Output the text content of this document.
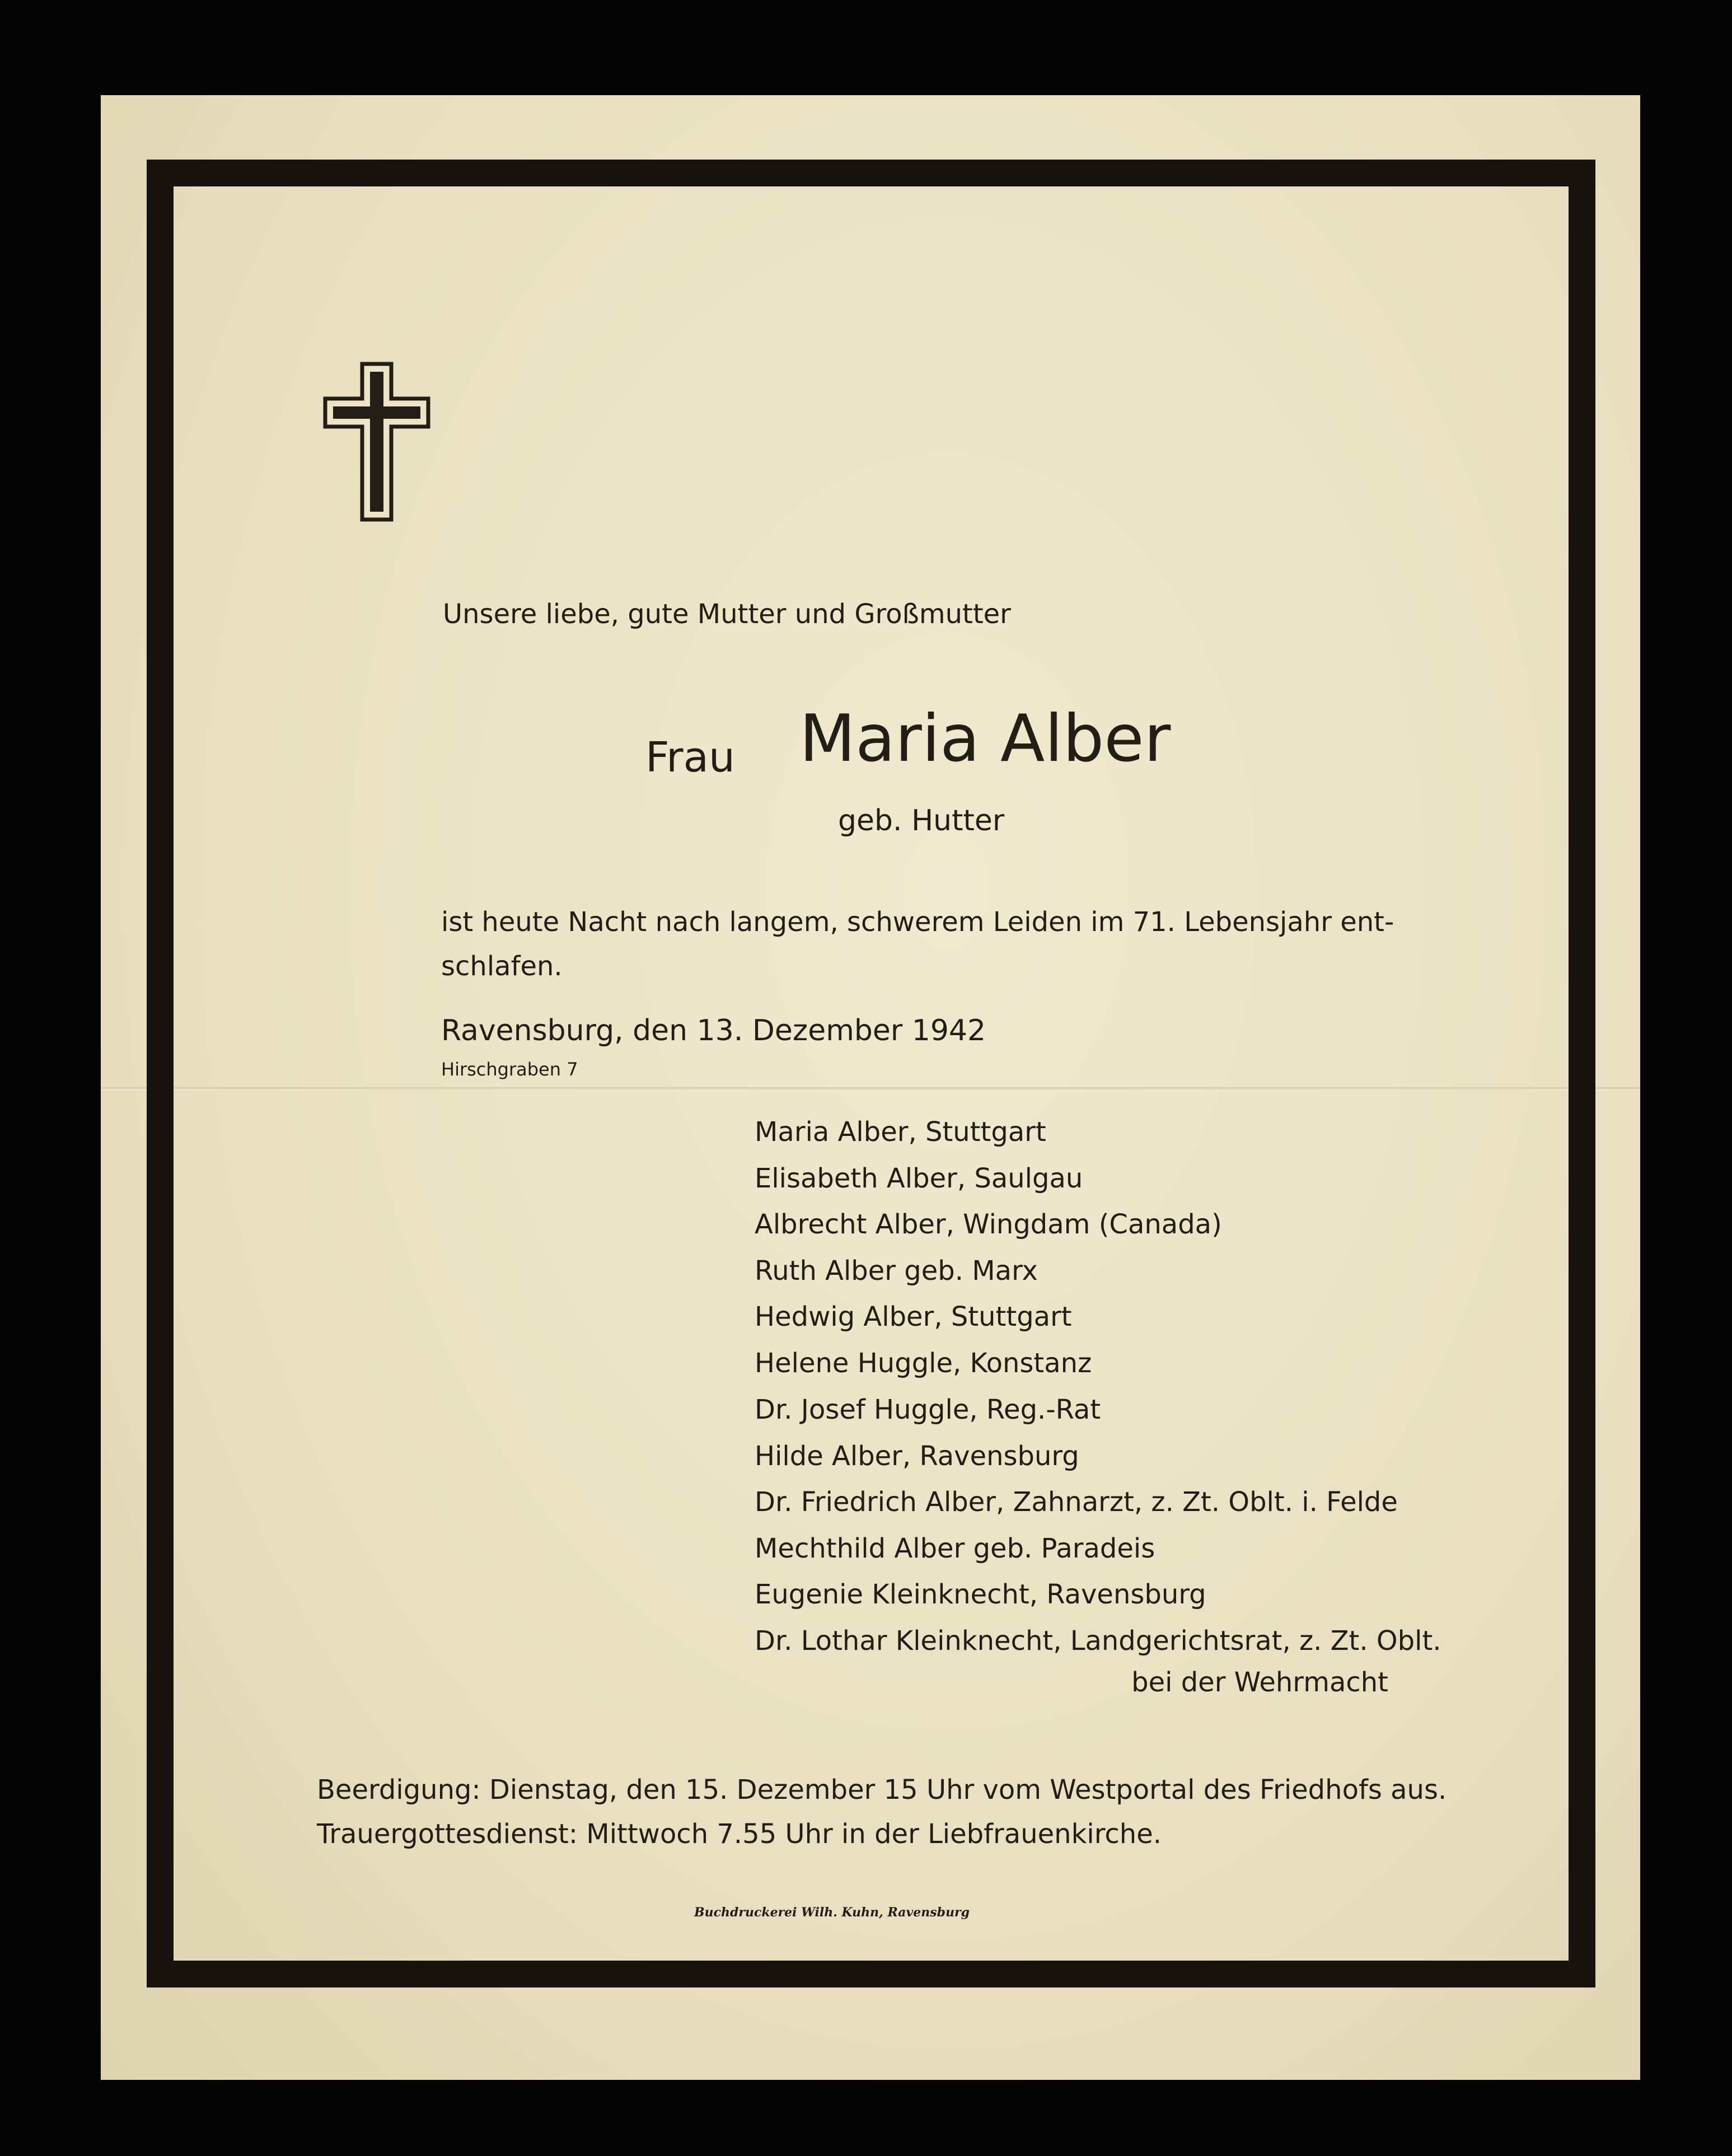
Unsere liebe, gute Mutter und Großmutter
Frau Maria Alber
geb. Hutter
ist heute Nacht nach langem, schwerem Leiden im 71. Lebensjahr ent-
schlafen.
Ravensburg, den 13. Dezember 1942
Hirschgraben 7
Maria Alber, Stuttgart
Elisabeth Alber, Saulgau
Albrecht Alber, Wingdam (Canada)
Ruth Alber geb. Marx
Hedwig Alber, Stuttgart
Helene Huggle, Konstanz
Dr. Josef Huggle, Reg.-Rat
Hilde Alber, Ravensburg
Dr. Friedrich Alber, Zahnarzt, z. Zt. Oblt. i. Felde
Mechthild Alber geb. Paradeis
Eugenie Kleinknecht, Ravensburg
Dr. Lothar Kleinknecht, Landgerichtsrat, z. Zt. Oblt.
bei der Wehrmacht
Beerdigung: Dienstag, den 15. Dezember 15 Uhr vom Westportal des Friedhofs aus.
Trauergottesdienst: Mittwoch 7.55 Uhr in der Liebfrauenkirche.
Buchdruckerei Wilh. Kuhn, Ravensburg
